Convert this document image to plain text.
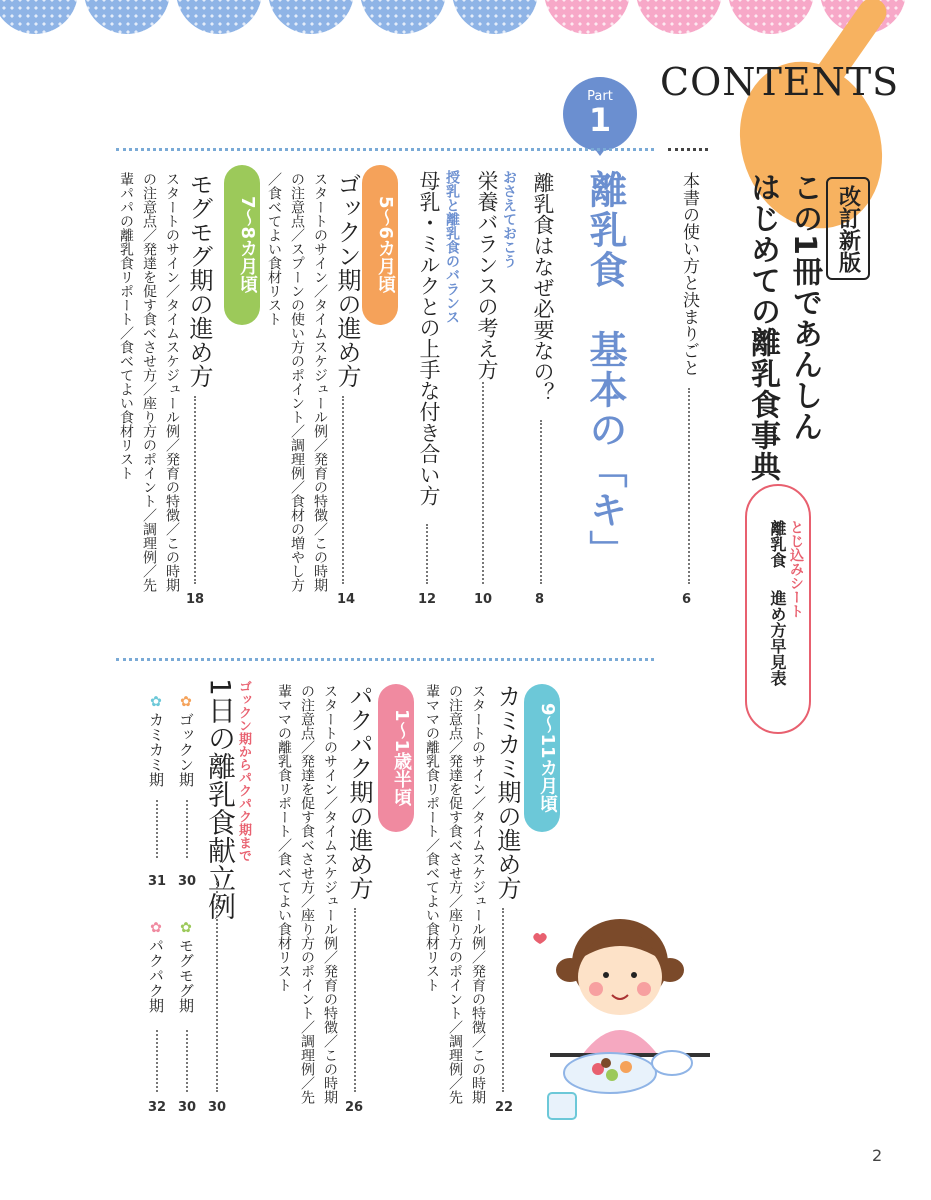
CONTENTS
改訂新版
この1冊であんしん
はじめての離乳食事典
とじ込みシート
離乳食
進め方早見表
本書の使い方と決まりごと
6
Part
1
離乳食　基本の「キ」
離乳食はなぜ必要なの？
8
おさえておこう
栄養バランスの考え方
10
授乳と離乳食のバランス
母乳・ミルクとの上手な付き合い方
12
5〜6カ月頃
ゴックン期の進め方
14
スタートのサイン／タイムスケジュール例／発育の特徴／この時期の注意点／スプーンの使い方のポイント／調理例／食材の増やし方／食べてよい食材リスト
7〜8カ月頃
モグモグ期の進め方
18
スタートのサイン／タイムスケジュール例／発育の特徴／この時期の注意点／発達を促す食べさせ方／座り方のポイント／調理例／先輩パパの離乳食リポート／食べてよい食材リスト
9〜11カ月頃
カミカミ期の進め方
22
スタートのサイン／タイムスケジュール例／発育の特徴／この時期の注意点／発達を促す食べさせ方／座り方のポイント／調理例／先輩ママの離乳食リポート／食べてよい食材リスト
1〜1歳半頃
パクパク期の進め方
26
スタートのサイン／タイムスケジュール例／発育の特徴／この時期の注意点／発達を促す食べさせ方／座り方のポイント／調理例／先輩ママの離乳食リポート／食べてよい食材リスト
ゴックン期からパクパク期まで
1日の離乳食献立例
30
✿
ゴックン期
30
✿
モグモグ期
30
✿
カミカミ期
31
✿
パクパク期
32
2
